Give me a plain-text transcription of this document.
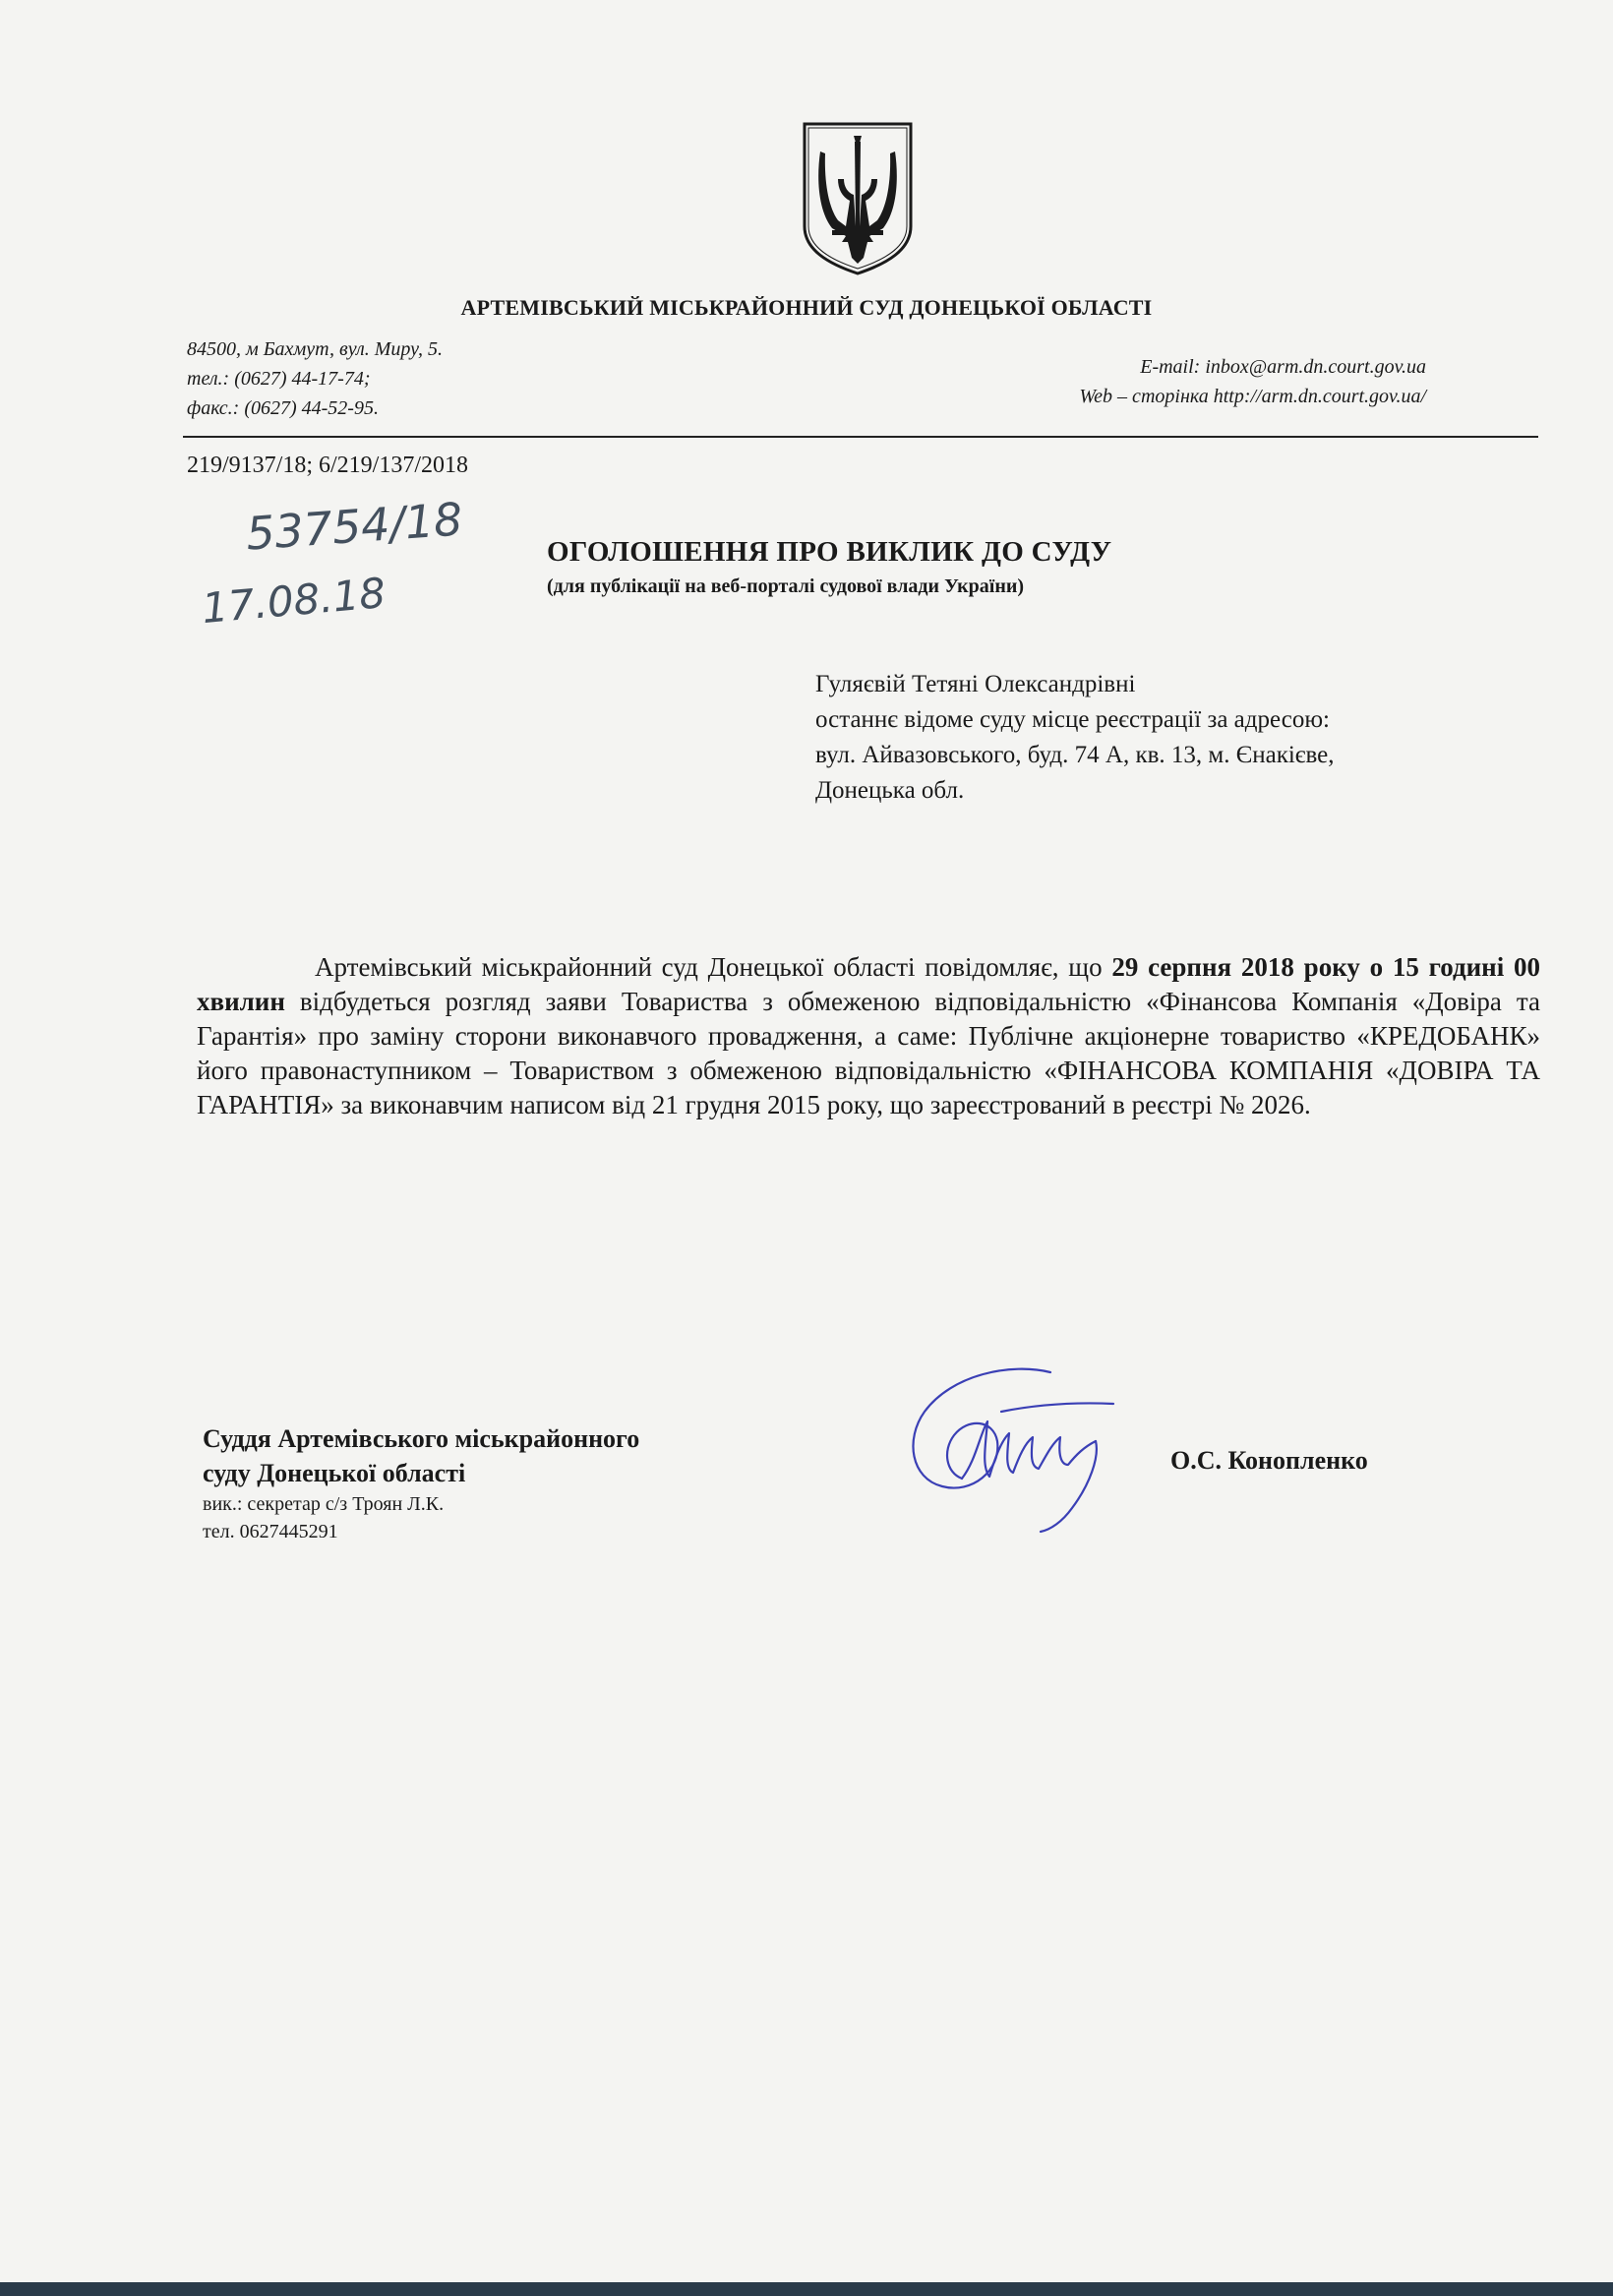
АРТЕМІВСЬКИЙ МІСЬКРАЙОННИЙ СУД ДОНЕЦЬКОЇ ОБЛАСТІ
84500, м Бахмут, вул. Миру, 5.
тел.: (0627) 44-17-74;
факс.: (0627) 44-52-95.
E-mail: inbox@arm.dn.court.gov.ua
Web – сторінка http://arm.dn.court.gov.ua/
219/9137/18; 6/219/137/2018
53754/18
17.08.18
ОГОЛОШЕННЯ ПРО ВИКЛИК ДО СУДУ
(для публікації на веб-порталі судової влади України)
Гуляєвій Тетяні Олександрівні
останнє відоме суду місце реєстрації за адресою:
вул. Айвазовського, буд. 74 А, кв. 13, м. Єнакієве,
Донецька обл.
Артемівський міськрайонний суд Донецької області повідомляє, що 29 серпня 2018 року о 15 годині 00 хвилин відбудеться розгляд заяви Товариства з обмеженою відповідальністю «Фінансова Компанія «Довіра та Гарантія» про заміну сторони виконавчого провадження, а саме: Публічне акціонерне товариство «КРЕДОБАНК» його правонаступником – Товариством з обмеженою відповідальністю «ФІНАНСОВА КОМПАНІЯ «ДОВІРА ТА ГАРАНТІЯ» за виконавчим написом від 21 грудня 2015 року, що зареєстрований в реєстрі № 2026.
Суддя Артемівського міськрайонного
суду Донецької області
вик.: секретар с/з Троян Л.К.
тел. 0627445291
О.С. Конопленко
